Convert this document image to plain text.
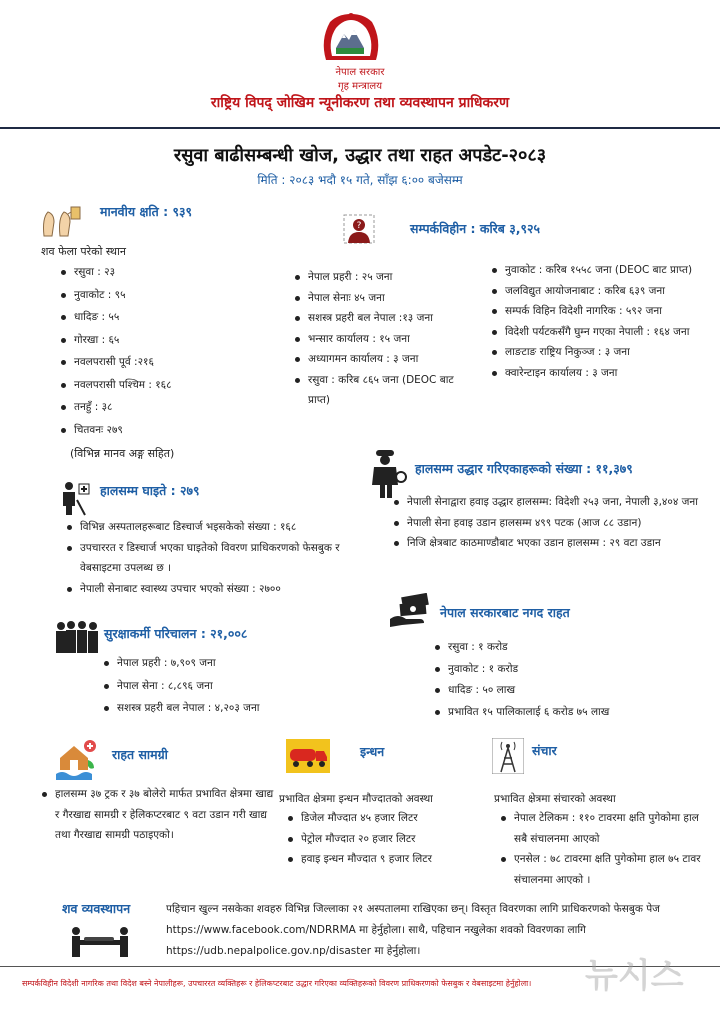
नेपाल सरकार
गृह मन्त्रालय
राष्ट्रिय विपद् जोखिम न्यूनीकरण तथा व्यवस्थापन प्राधिकरण
रसुवा बाढीसम्बन्धी खोज, उद्धार तथा राहत अपडेट-२०८३
मिति : २०८३ भदौ १५ गते, साँझ ६:०० बजेसम्म
मानवीय क्षति : ९३९
शव फेला परेको स्थान
रसुवा : २३
नुवाकोट : ९५
धादिङ : ५५
गोरखा : ६५
नवलपरासी पूर्व :२१६
नवलपरासी पश्चिम : १६८
तनहुँ : ३८
चितवनः २७९
(विभिन्न मानव अङ्ग सहित)
?	सम्पर्कविहीन : करिब ३,९२५
नेपाल प्रहरी : २५ जना
नेपाल सेनाः ४५ जना
सशस्त्र प्रहरी बल नेपाल :१३ जना
भन्सार कार्यालय : १५ जना
अध्यागमन कार्यालय : ३ जना
रसुवा : करिब ८६५ जना (DEOC बाट प्राप्त)
नुवाकोट : करिब १५५८ जना (DEOC बाट प्राप्त)
जलविद्युत आयोजनाबाट : करिब ६३९ जना
सम्पर्क विहिन विदेशी नागरिक : ५९२ जना
विदेशी पर्यटकसँगै घुम्न गएका नेपाली : १६४ जना
लाङटाङ राष्ट्रिय निकुञ्ज : ३ जना
क्वारेन्टाइन कार्यालय : ३ जना
हालसम्म घाइते : २७९
विभिन्न अस्पतालहरूबाट डिस्चार्ज भइसकेको संख्या : १६८
उपचाररत र डिस्चार्ज भएका घाइतेको विवरण प्राधिकरणको फेसबुक र वेबसाइटमा उपलब्ध छ ।
नेपाली सेनाबाट स्वास्थ्य उपचार भएको संख्या : २७००
हालसम्म उद्धार गरिएकाहरूको संख्या : ११,३७९
नेपाली सेनाद्वारा हवाइ उद्धार हालसम्म: विदेशी २५३ जना, नेपाली ३,४०४ जना
नेपाली सेना हवाइ उडान हालसम्म ४९९ पटक (आज ८८ उडान)
निजि क्षेत्रबाट काठमाण्डौबाट भएका उडान हालसम्म : २९ वटा उडान
सुरक्षाकर्मी परिचालन : २१,००८
नेपाल प्रहरी : ७,९०९ जना
नेपाल सेना : ८,८९६ जना
सशस्त्र प्रहरी बल नेपाल : ४,२०३ जना
नेपाल सरकारबाट नगद राहत
रसुवा : १ करोड
नुवाकोट : १ करोड
धादिङ : ५० लाख
प्रभावित १५ पालिकालाई ६ करोड ७५ लाख
राहत सामग्री
हालसम्म ३७ ट्रक र ३७ बोलेरो मार्फत प्रभावित क्षेत्रमा खाद्य र गैरखाद्य सामग्री र हेलिकप्टरबाट ९ वटा उडान गरी खाद्य तथा गैरखाद्य सामग्री पठाइएको।
इन्धन
प्रभावित क्षेत्रमा इन्धन मौज्दातको अवस्था
डिजेल मौज्दात ४५ हजार लिटर
पेट्रोल मौज्दात २० हजार लिटर
हवाइ इन्धन मौज्दात ९ हजार लिटर
संचार
प्रभावित क्षेत्रमा संचारको अवस्था
नेपाल टेलिकम : ११० टावरमा क्षति पुगेकोमा हाल सबै संचालनमा आएको
एनसेल : ७८ टावरमा क्षति पुगेकोमा हाल ७५ टावर संचालनमा आएको ।
शव व्यवस्थापन	पहिचान खुल्न नसकेका शवहरु विभिन्न जिल्लाका २१ अस्पतालमा राखिएका छन्। विस्तृत विवरणका लागि प्राधिकरणको फेसबुक पेज https://www.facebook.com/NDRRMA मा हेर्नुहोला। साथै, पहिचान नखुलेका शवको विवरणका लागि https://udb.nepalpolice.gov.np/disaster मा हेर्नुहोला।
सम्पर्कविहीन विदेशी नागरिक तथा विदेश बस्ने नेपालीहरू, उपचाररत व्यक्तिहरू र हेलिकप्टरबाट उद्धार गरिएका व्यक्तिहरूको विवरण प्राधिकरणको फेसबुक र वेबसाइटमा हेर्नुहोला।	뉴시스
